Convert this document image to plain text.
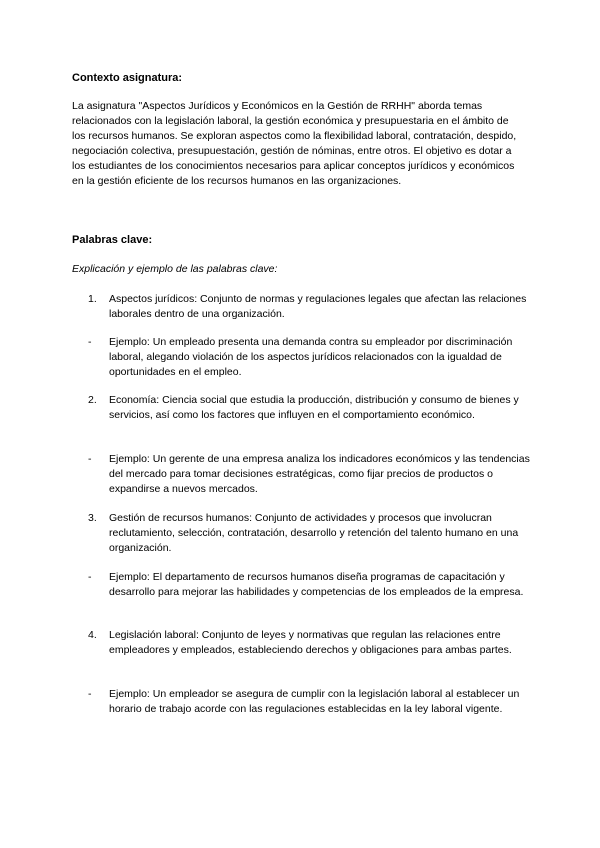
Contexto asignatura:

La asignatura "Aspectos Jurídicos y Económicos en la Gestión de RRHH" aborda temas relacionados con la legislación laboral, la gestión económica y presupuestaria en el ámbito de los recursos humanos. Se exploran aspectos como la flexibilidad laboral, contratación, despido, negociación colectiva, presupuestación, gestión de nóminas, entre otros. El objetivo es dotar a los estudiantes de los conocimientos necesarios para aplicar conceptos jurídicos y económicos en la gestión eficiente de los recursos humanos en las organizaciones.

Palabras clave:
Explicación y ejemplo de las palabras clave:
1. Aspectos jurídicos: Conjunto de normas y regulaciones legales que afectan las relaciones laborales dentro de una organización.
- Ejemplo: Un empleado presenta una demanda contra su empleador por discriminación laboral, alegando violación de los aspectos jurídicos relacionados con la igualdad de oportunidades en el empleo.
2. Economía: Ciencia social que estudia la producción, distribución y consumo de bienes y servicios, así como los factores que influyen en el comportamiento económico.
- Ejemplo: Un gerente de una empresa analiza los indicadores económicos y las tendencias del mercado para tomar decisiones estratégicas, como fijar precios de productos o expandirse a nuevos mercados.
3. Gestión de recursos humanos: Conjunto de actividades y procesos que involucran reclutamiento, selección, contratación, desarrollo y retención del talento humano en una organización.
- Ejemplo: El departamento de recursos humanos diseña programas de capacitación y desarrollo para mejorar las habilidades y competencias de los empleados de la empresa.
4. Legislación laboral: Conjunto de leyes y normativas que regulan las relaciones entre empleadores y empleados, estableciendo derechos y obligaciones para ambas partes.
- Ejemplo: Un empleador se asegura de cumplir con la legislación laboral al establecer un horario de trabajo acorde con las regulaciones establecidas en la ley laboral vigente.
